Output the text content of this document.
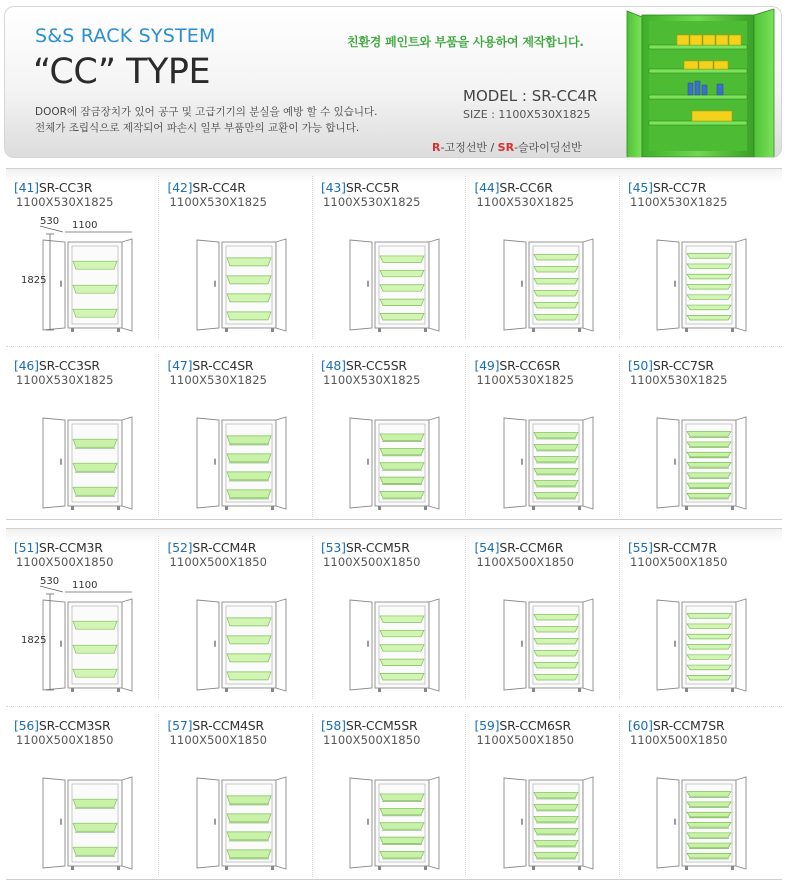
S&S RACK SYSTEM
“CC” TYPE
DOOR에 잠금장치가 있어 공구 및 고급기기의 분실을 예방 할 수 있습니다.
전체가 조립식으로 제작되어 파손시 일부 부품만의 교환이 가능 합니다.
친환경 페인트와 부품을 사용하여 제작합니다.
MODEL : SR-CC4R
SIZE : 1100X530X1825
R-고정선반 / SR-슬라이딩선반
[41]SR-CC3R
1100X530X1825
530 1100
1825
[42]SR-CC4R
1100X530X1825
[43]SR-CC5R
1100X530X1825
[44]SR-CC6R
1100X530X1825
[45]SR-CC7R
1100X530X1825
[46]SR-CC3SR
1100X530X1825
[47]SR-CC4SR
1100X530X1825
[48]SR-CC5SR
1100X530X1825
[49]SR-CC6SR
1100X530X1825
[50]SR-CC7SR
1100X530X1825
[51]SR-CCM3R
1100X500X1850
530 1100
1825
[52]SR-CCM4R
1100X500X1850
[53]SR-CCM5R
1100X500X1850
[54]SR-CCM6R
1100X500X1850
[55]SR-CCM7R
1100X500X1850
[56]SR-CCM3SR
1100X500X1850
[57]SR-CCM4SR
1100X500X1850
[58]SR-CCM5SR
1100X500X1850
[59]SR-CCM6SR
1100X500X1850
[60]SR-CCM7SR
1100X500X1850
